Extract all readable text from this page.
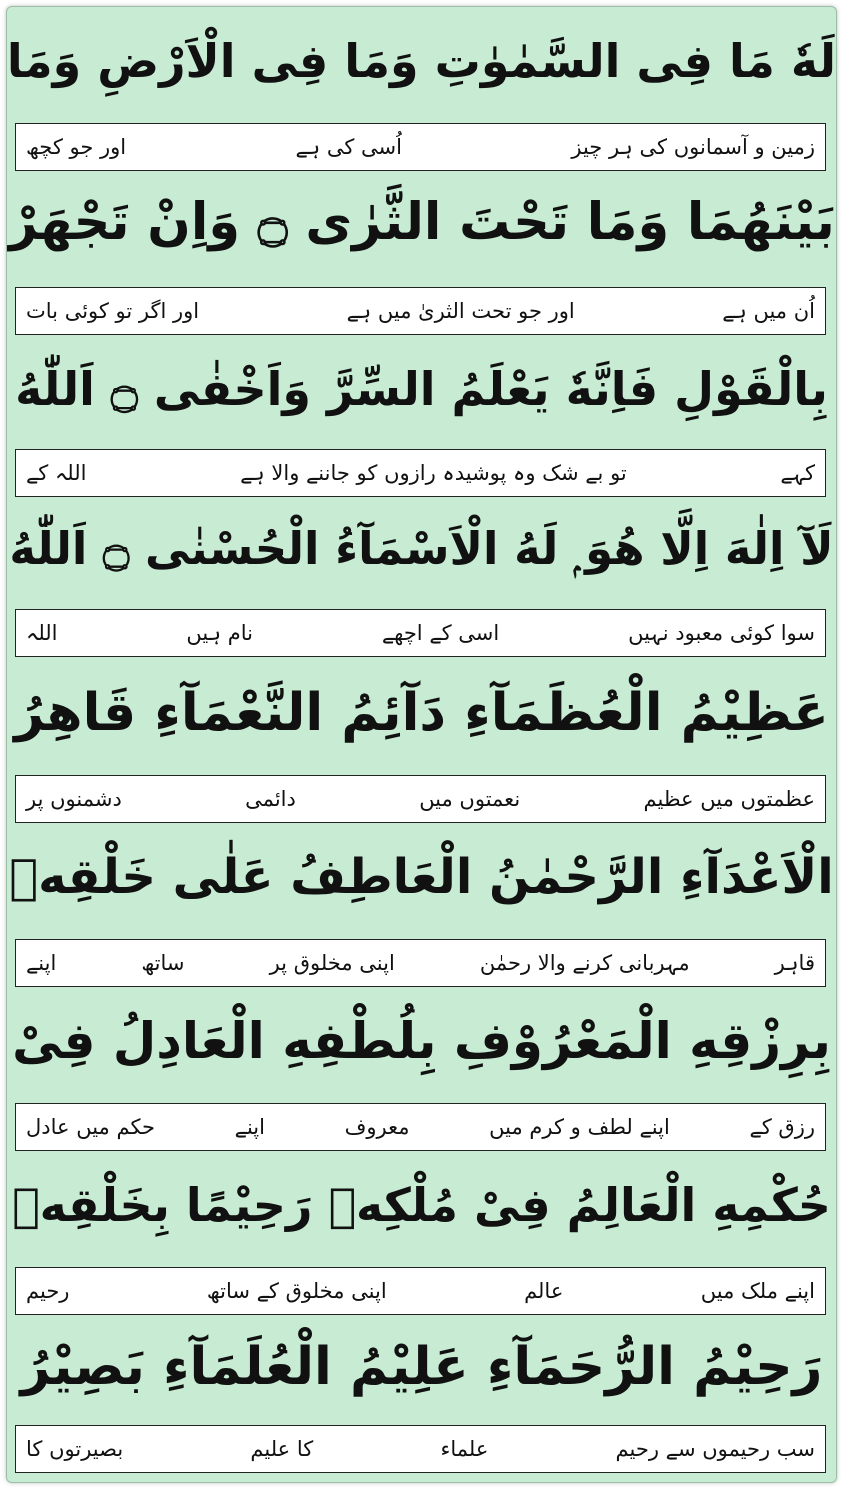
لَهٗ مَا فِى السَّمٰوٰتِ وَمَا فِى الْاَرْضِ وَمَا
زمین و آسمانوں کی ہر چیز
اُسی کی ہے
اور جو کچھ
بَيْنَهُمَا وَمَا تَحْتَ الثَّرٰى ۝ وَاِنْ تَجْهَرْ
اُن میں ہے
اور جو تحت الثریٰ میں ہے
اور اگر تو کوئی بات
بِالْقَوْلِ فَاِنَّهٗ يَعْلَمُ السِّرَّ وَاَخْفٰى ۝ اَللّٰهُ
کہے
تو بے شک وہ پوشیدہ رازوں کو جاننے والا ہے
اللہ کے
لَآ اِلٰهَ اِلَّا هُوَ ۭ لَهُ الْاَسْمَآءُ الْحُسْنٰى ۝ اَللّٰهُ
سوا کوئی معبود نہیں
اسی کے اچھے
نام ہیں
اللہ
عَظِيْمُ الْعُظَمَآءِ دَآئِمُ النَّعْمَآءِ قَاهِرُ
عظمتوں میں عظیم
نعمتوں میں
دائمی
دشمنوں پر
الْاَعْدَآءِ الرَّحْمٰنُ الْعَاطِفُ عَلٰى خَلْقِهٖ
قاہر
مہربانی کرنے والا رحمٰن
اپنی مخلوق پر
ساتھ
اپنے
بِرِزْقِهِ الْمَعْرُوْفِ بِلُطْفِهِ الْعَادِلُ فِىْ
رزق کے
اپنے لطف و کرم میں
معروف
اپنے
حکم میں عادل
حُكْمِهِ الْعَالِمُ فِىْ مُلْكِهٖ رَحِيْمًا بِخَلْقِهٖ
اپنے ملک میں
عالم
اپنی مخلوق کے ساتھ
رحیم
رَحِيْمُ الرُّحَمَآءِ عَلِيْمُ الْعُلَمَآءِ بَصِيْرُ
سب رحیموں سے رحیم
علماء
کا علیم
بصیرتوں کا
